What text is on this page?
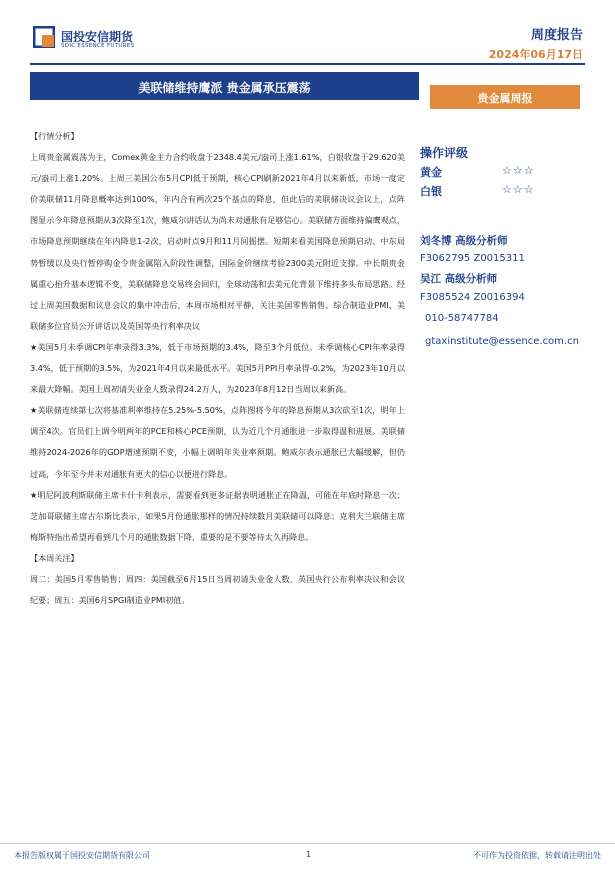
国投安信期货
SDIC ESSENCE FUTURES
周度报告
2024年06月17日
美联储维持鹰派 贵金属承压震荡
贵金属周报

【行情分析】

上周贵金属震荡为主，Comex黄金主力合约收盘于2348.4美元/盎司上涨1.61%，白银收盘于29.620美元/盎司上涨1.20%。上周三美国公布5月CPI低于预期，核心CPI刷新2021年4月以来新低，市场一度定价美联储11月降息概率达到100%，年内合有两次25个基点的降息，但此后的美联储决议会议上，点阵图显示今年降息预期从3次降至1次，鲍威尔讲话认为尚未对通胀有足够信心。美联储方面维持偏鹰观点，市场降息预期继续在年内降息1-2次，启动时点9月和11月间摇摆。短期来看美国降息预期启动、中东局势暂缓以及央行暂停购金令贵金属陷入阶段性调整，国际金价继续考验2300美元附近支撑。中长期贵金属重心抬升基本逻辑不变，美联储降息交易终会回归，全球动荡和去美元化背景下维持多头布局思路。经过上周美国数据和议息会议的集中冲击后，本周市场相对平静，关注美国零售销售、综合制造业PMI、美联储多位官员公开讲话以及英国等央行利率决议

★美国5月未季调CPI年率录得3.3%，低于市场预期的3.4%，降至3个月低位。未季调核心CPI年率录得3.4%，低于预期的3.5%，为2021年4月以来最低水平。美国5月PPI月率录得-0.2%，为2023年10月以来最大降幅。美国上周初请失业金人数录得24.2万人，为2023年8月12日当周以来新高。

★美联储连续第七次将基准利率维持在5.25%-5.50%，点阵图将今年的降息预期从3次砍至1次，明年上调至4次。官员们上调今明两年的PCE和核心PCE预期，认为近几个月通胀进一步取得温和进展。美联储维持2024-2026年的GDP增速预期不变，小幅上调明年失业率预期。鲍威尔表示通胀已大幅缓解，但仍过高，今年至今并未对通胀有更大的信心以便进行降息。

★明尼阿波利斯联储主席卡什卡利表示，需要看到更多证据表明通胀正在降温，可能在年底时降息一次；芝加哥联储主席古尔斯比表示，如果5月份通胀那样的情况持续数月美联储可以降息；克利夫兰联储主席梅斯特指出希望再看到几个月的通胀数据下降，重要的是不要等待太久再降息。

【本周关注】

周二：美国5月零售销售；周四：美国截至6月15日当周初请失业金人数、英国央行公布利率决议和会议纪要；周五：美国6月SPGI制造业PMI初值。

操作评级
黄金	☆☆☆
白银	☆☆☆
刘冬博 高级分析师
F3062795 Z0015311
吴江 高级分析师
F3085524 Z0016394
010-58747784
gtaxinstitute@essence.com.cn
本报告版权属于国投安信期货有限公司	1	不可作为投资依据，转载请注明出处
